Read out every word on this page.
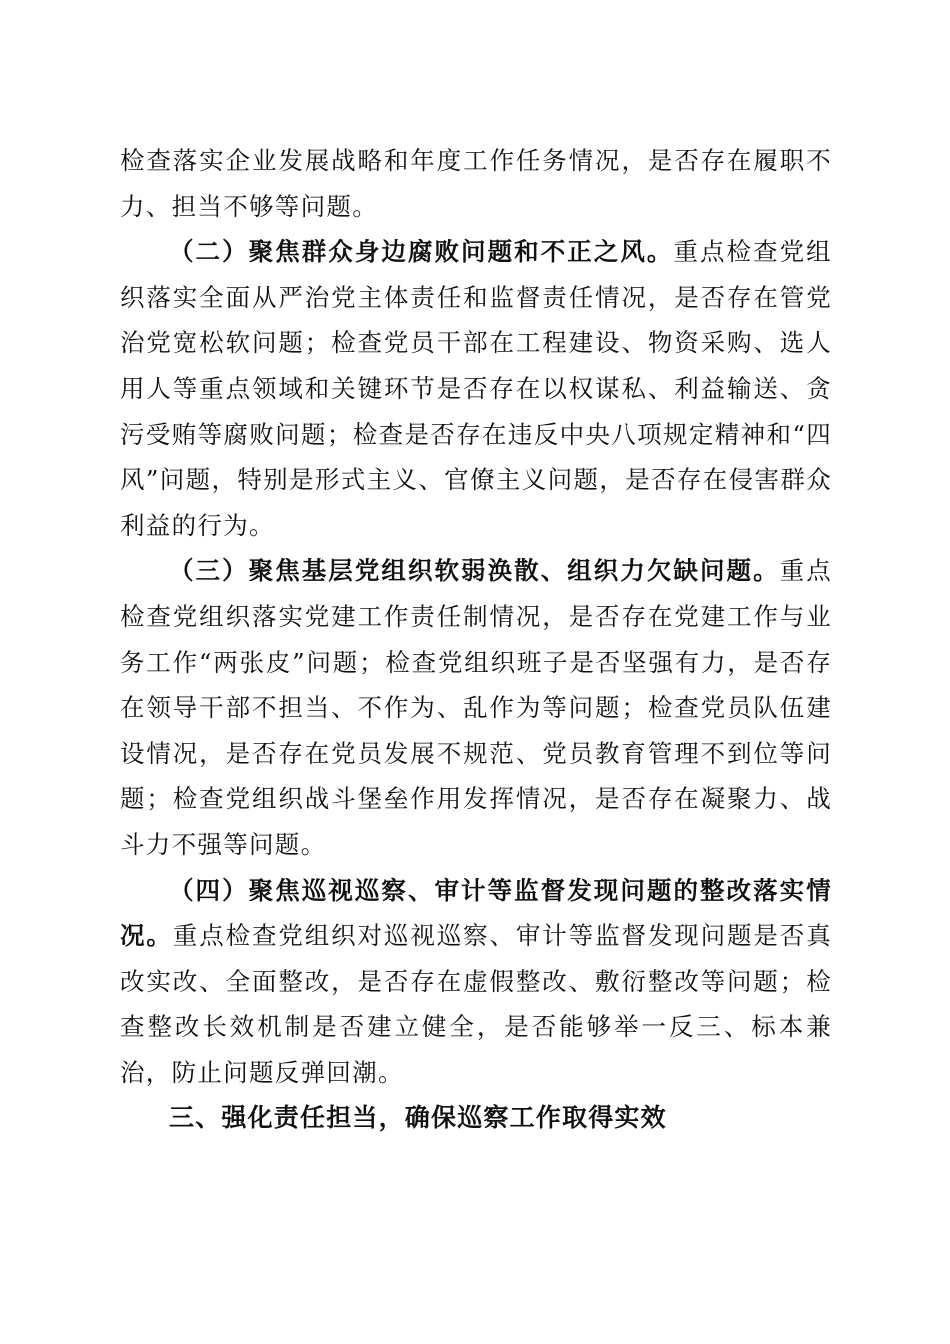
检查落实企业发展战略和年度工作任务情况，是否存在履职不力、担当不够等问题。

（二）聚焦群众身边腐败问题和不正之风。重点检查党组织落实全面从严治党主体责任和监督责任情况，是否存在管党治党宽松软问题；检查党员干部在工程建设、物资采购、选人用人等重点领域和关键环节是否存在以权谋私、利益输送、贪污受贿等腐败问题；检查是否存在违反中央八项规定精神和“四风”问题，特别是形式主义、官僚主义问题，是否存在侵害群众利益的行为。

（三）聚焦基层党组织软弱涣散、组织力欠缺问题。重点检查党组织落实党建工作责任制情况，是否存在党建工作与业务工作“两张皮”问题；检查党组织班子是否坚强有力，是否存在领导干部不担当、不作为、乱作为等问题；检查党员队伍建设情况，是否存在党员发展不规范、党员教育管理不到位等问题；检查党组织战斗堡垒作用发挥情况，是否存在凝聚力、战斗力不强等问题。

（四）聚焦巡视巡察、审计等监督发现问题的整改落实情况。重点检查党组织对巡视巡察、审计等监督发现问题是否真改实改、全面整改，是否存在虚假整改、敷衍整改等问题；检查整改长效机制是否建立健全，是否能够举一反三、标本兼治，防止问题反弹回潮。

三、强化责任担当，确保巡察工作取得实效
